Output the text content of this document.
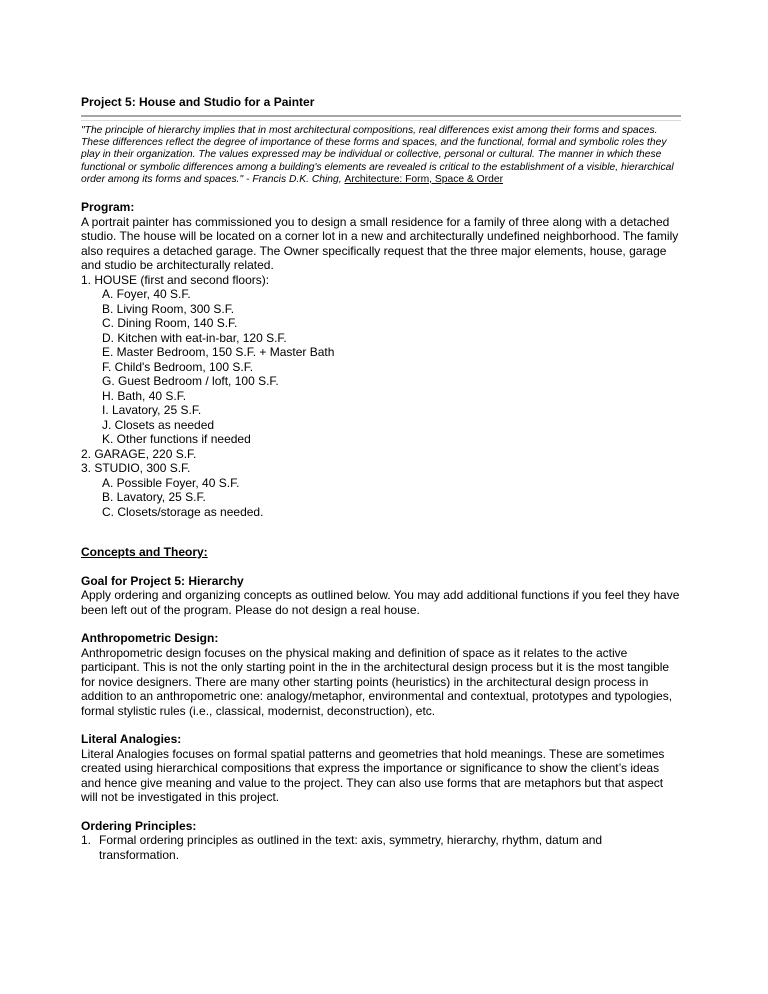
Project 5: House and Studio for a Painter
"The principle of hierarchy implies that in most architectural compositions, real differences exist among their forms and spaces. These differences reflect the degree of importance of these forms and spaces, and the functional, formal and symbolic roles they play in their organization. The values expressed may be individual or collective, personal or cultural. The manner in which these functional or symbolic differences among a building's elements are revealed is critical to the establishment of a visible, hierarchical order among its forms and spaces." - Francis D.K. Ching, Architecture: Form, Space & Order
Program:

A portrait painter has commissioned you to design a small residence for a family of three along with a detached studio. The house will be located on a corner lot in a new and architecturally undefined neighborhood. The family also requires a detached garage. The Owner specifically request that the three major elements, house, garage and studio be architecturally related.

1. HOUSE (first and second floors):
A. Foyer, 40 S.F.
B. Living Room, 300 S.F.
C. Dining Room, 140 S.F.
D. Kitchen with eat-in-bar, 120 S.F.
E. Master Bedroom, 150 S.F. + Master Bath
F. Child's Bedroom, 100 S.F.
G. Guest Bedroom / loft, 100 S.F.
H. Bath, 40 S.F.
I. Lavatory, 25 S.F.
J. Closets as needed
K. Other functions if needed
2. GARAGE, 220 S.F.
3. STUDIO, 300 S.F.
A. Possible Foyer, 40 S.F.
B. Lavatory, 25 S.F.
C. Closets/storage as needed.
Concepts and Theory:
Goal for Project 5: Hierarchy

Apply ordering and organizing concepts as outlined below. You may add additional functions if you feel they have been left out of the program. Please do not design a real house.

Anthropometric Design:

Anthropometric design focuses on the physical making and definition of space as it relates to the active participant. This is not the only starting point in the in the architectural design process but it is the most tangible for novice designers. There are many other starting points (heuristics) in the architectural design process in addition to an anthropometric one: analogy/metaphor, environmental and contextual, prototypes and typologies, formal stylistic rules (i.e., classical, modernist, deconstruction), etc.

Literal Analogies:

Literal Analogies focuses on formal spatial patterns and geometries that hold meanings. These are sometimes created using hierarchical compositions that express the importance or significance to show the client’s ideas and hence give meaning and value to the project. They can also use forms that are metaphors but that aspect will not be investigated in this project.

Ordering Principles:
1. Formal ordering principles as outlined in the text: axis, symmetry, hierarchy, rhythm, datum and transformation.
